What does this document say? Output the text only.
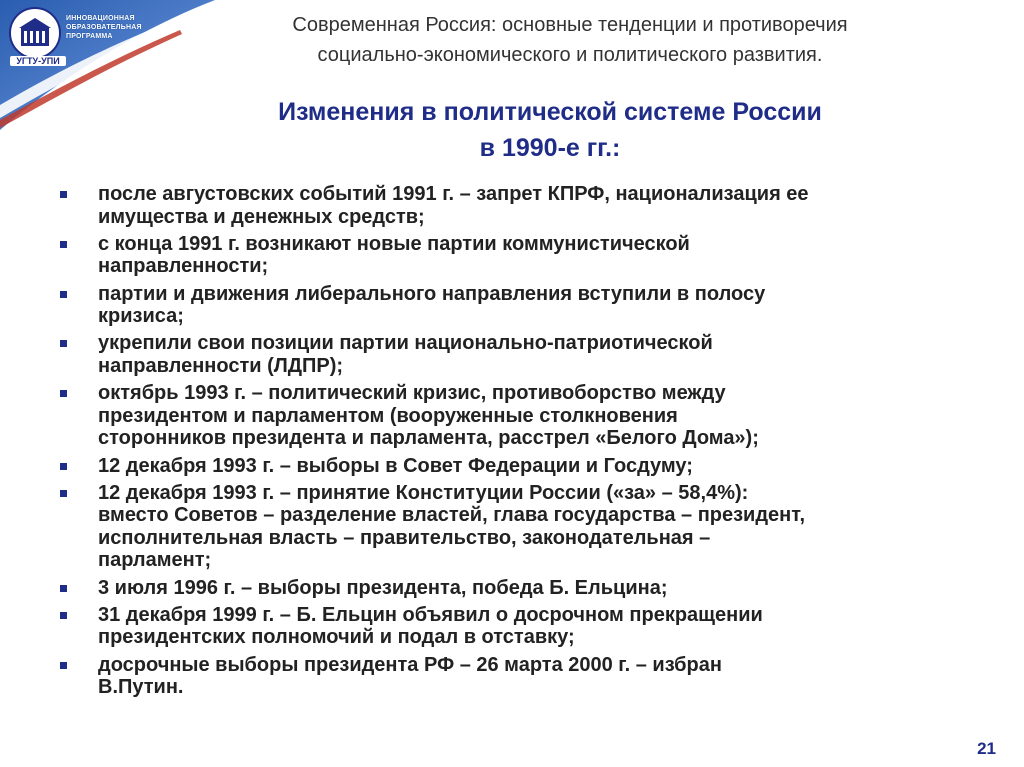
УГТУ-УПИ
ИННОВАЦИОННАЯ
ОБРАЗОВАТЕЛЬНАЯ
ПРОГРАММА
Современная Россия: основные тенденции и противоречия
социально-экономического и политического развития.
Изменения в политической системе России
в 1990-е гг.:
после августовских событий 1991 г. – запрет КПРФ, национализация ее
имущества и денежных средств;
с конца 1991 г. возникают новые партии коммунистической
направленности;
партии и движения либерального направления вступили в полосу
кризиса;
укрепили свои позиции партии национально-патриотической
направленности (ЛДПР);
октябрь 1993 г. – политический кризис, противоборство между
президентом и парламентом (вооруженные столкновения
сторонников президента и парламента, расстрел «Белого Дома»);
12 декабря 1993 г. – выборы в Совет Федерации и Госдуму;
12 декабря 1993 г. – принятие Конституции России («за» – 58,4%):
вместо Советов – разделение властей, глава государства – президент,
исполнительная власть – правительство, законодательная –
парламент;
3 июля 1996 г. – выборы президента, победа Б. Ельцина;
31 декабря 1999 г. – Б. Ельцин объявил о досрочном прекращении
президентских полномочий и подал в отставку;
досрочные выборы президента РФ – 26 марта 2000 г. – избран
В.Путин.
21
